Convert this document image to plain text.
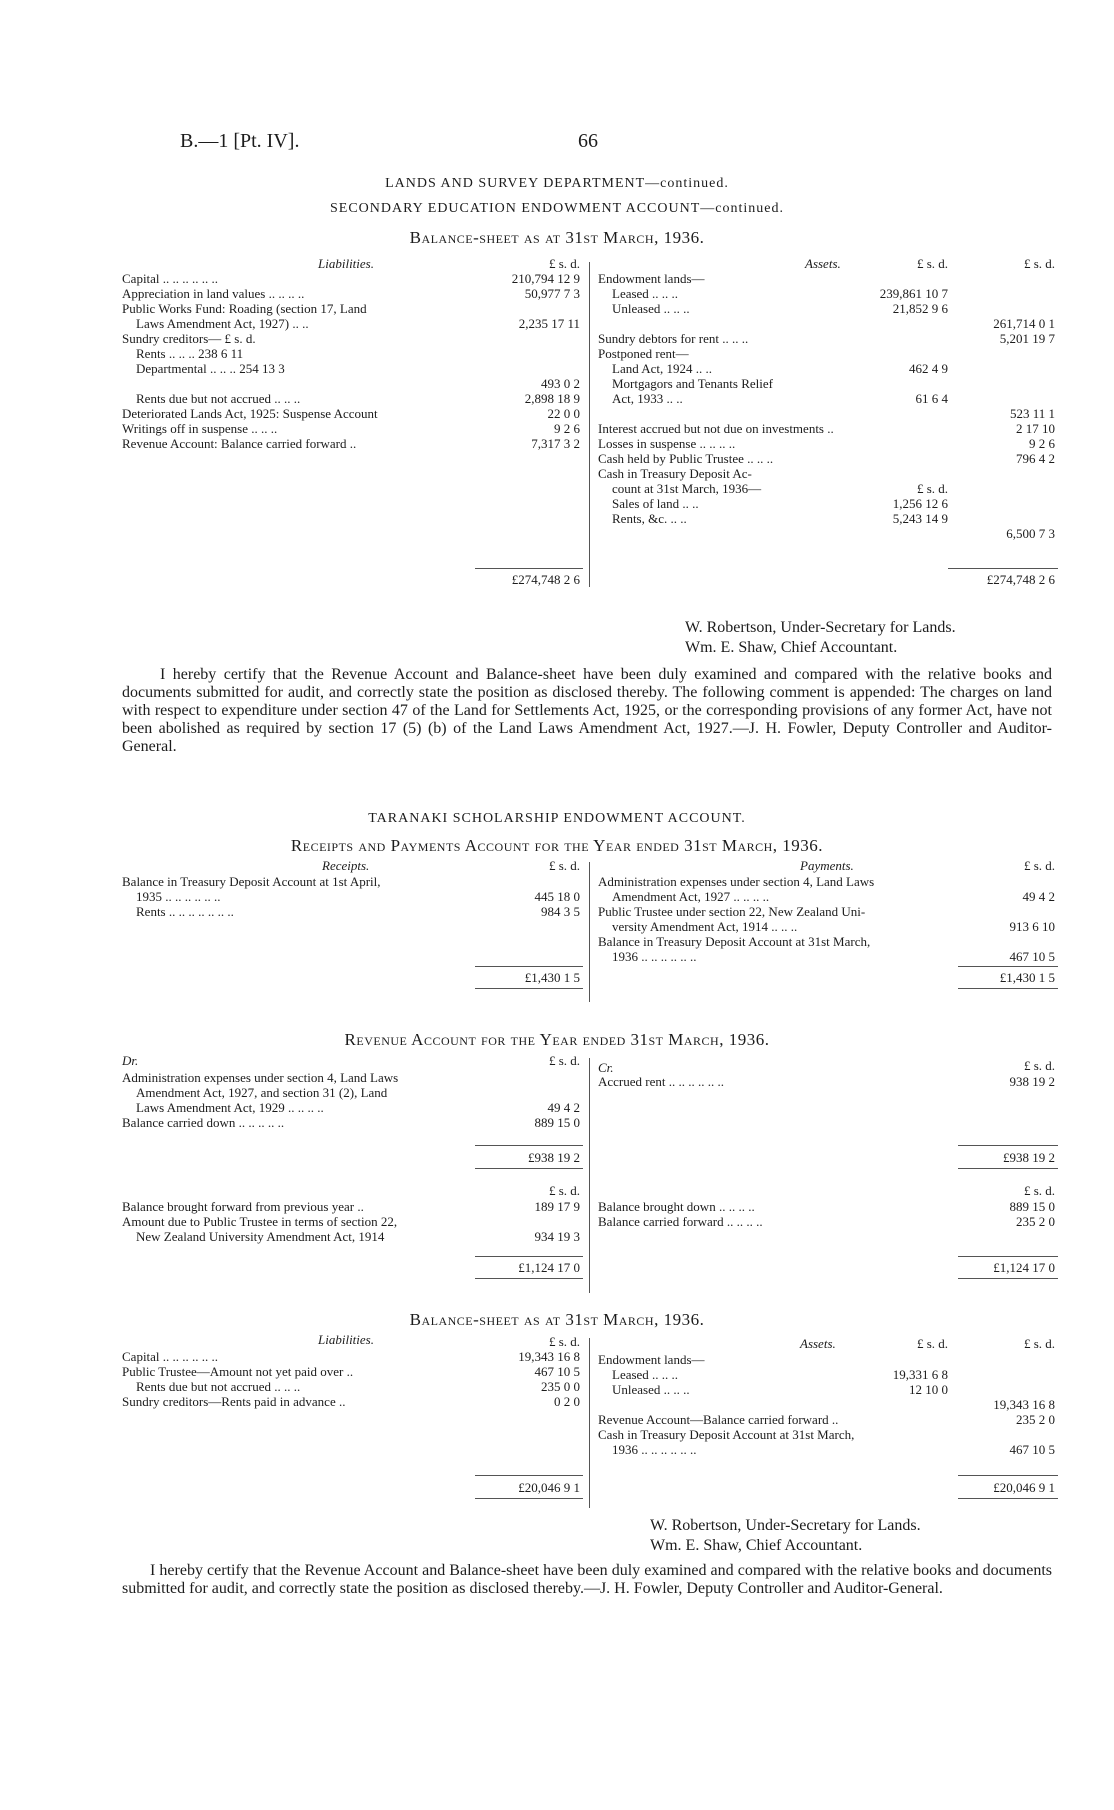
B.—1 [Pt. IV].	66
LANDS AND SURVEY DEPARTMENT—continued.
SECONDARY EDUCATION ENDOWMENT ACCOUNT—continued.
Balance-sheet as at 31st March, 1936.
Liabilities.	£ s. d.
Capital .. .. .. .. .. ..	210,794 12 9
Appreciation in land values .. .. .. ..	50,977 7 3
Public Works Fund: Roading (section 17, Land
Laws Amendment Act, 1927) .. ..	2,235 17 11
Sundry creditors— £ s. d.
Rents .. .. .. 238 6 11
Departmental .. .. .. 254 13 3
493 0 2
Rents due but not accrued .. .. ..	2,898 18 9
Deteriorated Lands Act, 1925: Suspense Account	22 0 0
Writings off in suspense .. .. ..	9 2 6
Revenue Account: Balance carried forward ..	7,317 3 2
£274,748 2 6
Assets.	£ s. d.	£ s. d.
Endowment lands—
Leased .. .. ..	239,861 10 7
Unleased .. .. ..	21,852 9 6
261,714 0 1
Sundry debtors for rent .. .. ..	5,201 19 7
Postponed rent—
Land Act, 1924 .. ..	462 4 9
Mortgagors and Tenants Relief
Act, 1933 .. ..	61 6 4
523 11 1
Interest accrued but not due on investments ..	2 17 10
Losses in suspense .. .. .. ..	9 2 6
Cash held by Public Trustee .. .. ..	796 4 2
Cash in Treasury Deposit Ac-
count at 31st March, 1936—	£ s. d.
Sales of land .. ..	1,256 12 6
Rents, &c. .. ..	5,243 14 9
6,500 7 3
£274,748 2 6
W. Robertson, Under-Secretary for Lands.
Wm. E. Shaw, Chief Accountant.
I hereby certify that the Revenue Account and Balance-sheet have been duly examined and compared with the relative books and documents submitted for audit, and correctly state the position as disclosed thereby. The following comment is appended: The charges on land with respect to expenditure under section 47 of the Land for Settlements Act, 1925, or the corresponding provisions of any former Act, have not been abolished as required by section 17 (5) (b) of the Land Laws Amendment Act, 1927.—J. H. Fowler, Deputy Controller and Auditor-General.
TARANAKI SCHOLARSHIP ENDOWMENT ACCOUNT.
Receipts and Payments Account for the Year ended 31st March, 1936.
Receipts.	£ s. d.
Balance in Treasury Deposit Account at 1st April,
1935 .. .. .. .. .. ..	445 18 0
Rents .. .. .. .. .. .. ..	984 3 5
£1,430 1 5
Payments.	£ s. d.
Administration expenses under section 4, Land Laws
Amendment Act, 1927 .. .. .. ..	49 4 2
Public Trustee under section 22, New Zealand Uni-
versity Amendment Act, 1914 .. .. ..	913 6 10
Balance in Treasury Deposit Account at 31st March,
1936 .. .. .. .. .. ..	467 10 5
£1,430 1 5
Revenue Account for the Year ended 31st March, 1936.
Dr.	£ s. d.
Administration expenses under section 4, Land Laws
Amendment Act, 1927, and section 31 (2), Land
Laws Amendment Act, 1929 .. .. .. ..	49 4 2
Balance carried down .. .. .. .. ..	889 15 0
£938 19 2
Cr.	£ s. d.
Accrued rent .. .. .. .. .. ..	938 19 2
£938 19 2
£ s. d.
Balance brought forward from previous year ..	189 17 9
Amount due to Public Trustee in terms of section 22,
New Zealand University Amendment Act, 1914	934 19 3
£1,124 17 0
£ s. d.
Balance brought down .. .. .. ..	889 15 0
Balance carried forward .. .. .. ..	235 2 0
£1,124 17 0
Balance-sheet as at 31st March, 1936.
Liabilities.	£ s. d.
Capital .. .. .. .. .. ..	19,343 16 8
Public Trustee—Amount not yet paid over ..	467 10 5
Rents due but not accrued .. .. ..	235 0 0
Sundry creditors—Rents paid in advance ..	0 2 0
£20,046 9 1
Assets.	£ s. d.	£ s. d.
Endowment lands—
Leased .. .. ..	19,331 6 8
Unleased .. .. ..	12 10 0
19,343 16 8
Revenue Account—Balance carried forward ..	235 2 0
Cash in Treasury Deposit Account at 31st March,
1936 .. .. .. .. .. ..	467 10 5
£20,046 9 1
W. Robertson, Under-Secretary for Lands.
Wm. E. Shaw, Chief Accountant.
I hereby certify that the Revenue Account and Balance-sheet have been duly examined and compared with the relative books and documents submitted for audit, and correctly state the position as disclosed thereby.—J. H. Fowler, Deputy Controller and Auditor-General.
